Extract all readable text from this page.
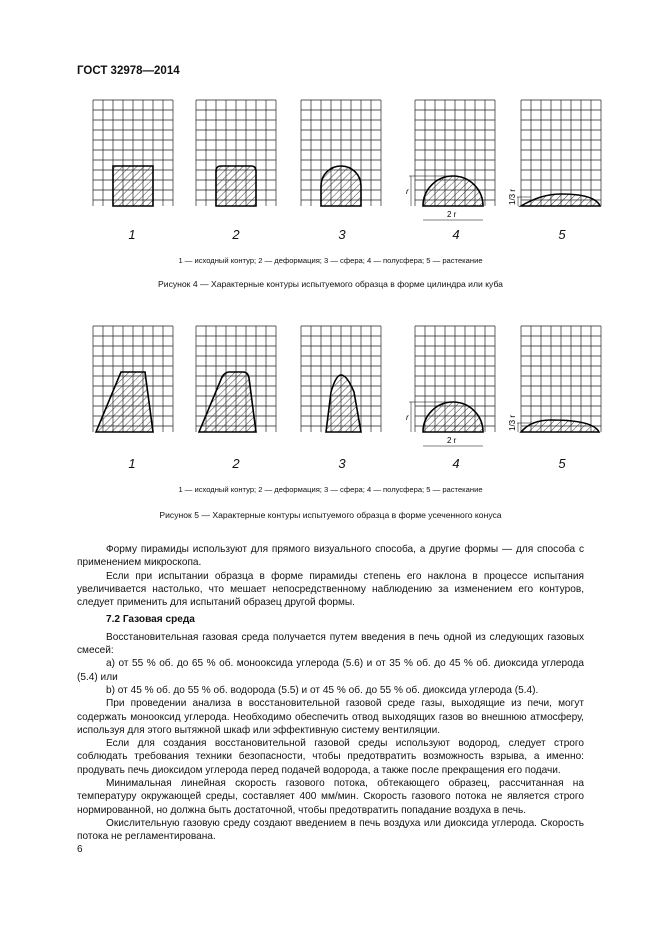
ГОСТ 32978—2014
r
2 r
1/3 r
1	2	3	4	5
1 — исходный контур; 2 — деформация; 3 — сфера; 4 — полусфера; 5 — растекание
Рисунок 4 — Характерные контуры испытуемого образца в форме цилиндра или куба
r
2 r
1/3 r
1	2	3	4	5
1 — исходный контур; 2 — деформация; 3 — сфера; 4 — полусфера; 5 — растекание
Рисунок 5 — Характерные контуры испытуемого образца в форме усеченного конуса

Форму пирамиды используют для прямого визуального способа, а другие формы — для способа с применением микроскопа.

Если при испытании образца в форме пирамиды степень его наклона в процессе испытания увеличивается настолько, что мешает непосредственному наблюдению за изменением его контуров, следует применить для испытаний образец другой формы.

7.2 Газовая среда

Восстановительная газовая среда получается путем введения в печь одной из следующих газовых смесей:

a) от 55 % об. до 65 % об. монооксида углерода (5.6) и от 35 % об. до 45 % об. диоксида углерода (5.4) или

b) от 45 % об. до 55 % об. водорода (5.5) и от 45 % об. до 55 % об. диоксида углерода (5.4).

При проведении анализа в восстановительной газовой среде газы, выходящие из печи, могут содержать монооксид углерода. Необходимо обеспечить отвод выходящих газов во внешнюю атмосферу, используя для этого вытяжной шкаф или эффективную систему вентиляции.

Если для создания восстановительной газовой среды используют водород, следует строго соблюдать требования техники безопасности, чтобы предотвратить возможность взрыва, а именно: продувать печь диоксидом углерода перед подачей водорода, а также после прекращения его подачи.

Минимальная линейная скорость газового потока, обтекающего образец, рассчитанная на температуру окружающей среды, составляет 400 мм/мин. Скорость газового потока не является строго нормированной, но должна быть достаточной, чтобы предотвратить попадание воздуха в печь.

Окислительную газовую среду создают введением в печь воздуха или диоксида углерода. Скорость потока не регламентирована.

6
